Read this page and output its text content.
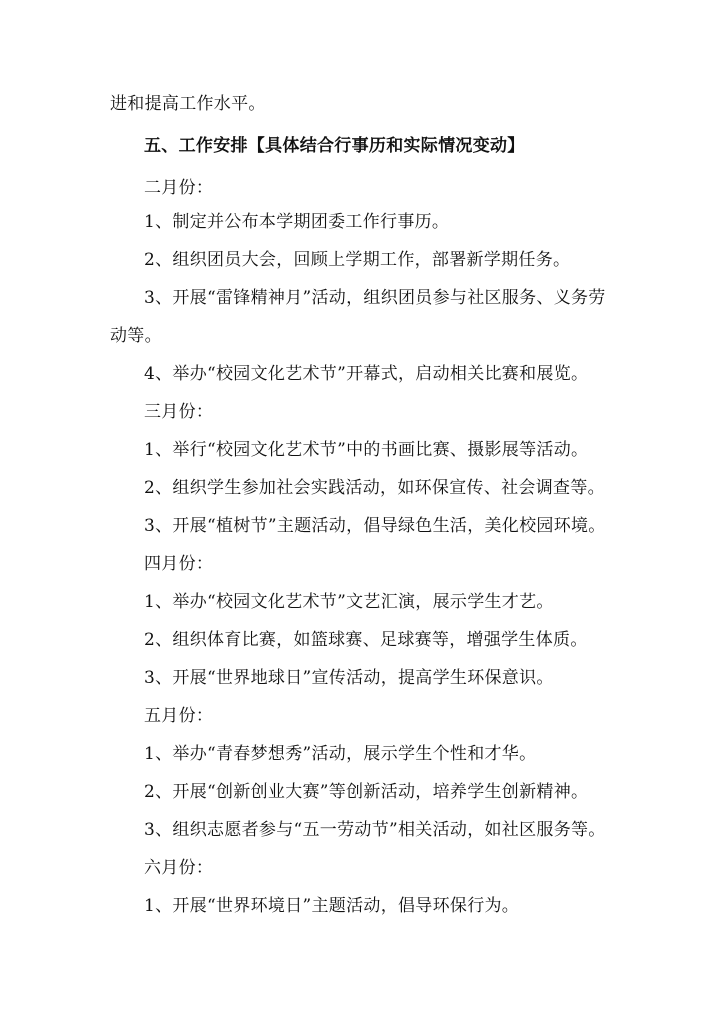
进和提高工作水平。
五、工作安排【具体结合行事历和实际情况变动】
二月份：
1、制定并公布本学期团委工作行事历。
2、组织团员大会，回顾上学期工作，部署新学期任务。
3、开展“雷锋精神月”活动，组织团员参与社区服务、义务劳
动等。
4、举办“校园文化艺术节”开幕式，启动相关比赛和展览。
三月份：
1、举行“校园文化艺术节”中的书画比赛、摄影展等活动。
2、组织学生参加社会实践活动，如环保宣传、社会调查等。
3、开展“植树节”主题活动，倡导绿色生活，美化校园环境。
四月份：
1、举办“校园文化艺术节”文艺汇演，展示学生才艺。
2、组织体育比赛，如篮球赛、足球赛等，增强学生体质。
3、开展“世界地球日”宣传活动，提高学生环保意识。
五月份：
1、举办“青春梦想秀”活动，展示学生个性和才华。
2、开展“创新创业大赛”等创新活动，培养学生创新精神。
3、组织志愿者参与“五一劳动节”相关活动，如社区服务等。
六月份：
1、开展“世界环境日”主题活动，倡导环保行为。
